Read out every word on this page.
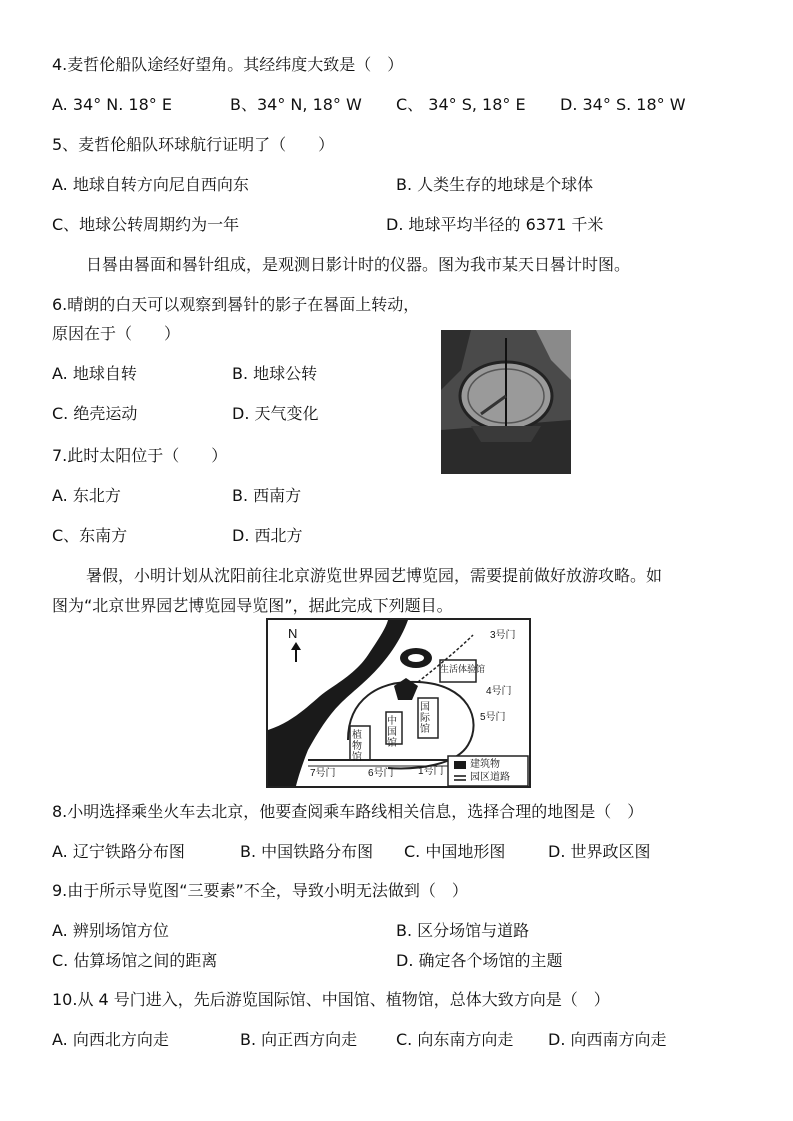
4.麦哲伦船队途经好望角。其经纬度大致是（　）
A. 34° N. 18° E	B、34° N, 18° W C、 34° S, 18° E D. 34° S. 18° W
5、麦哲伦船队环球航行证明了（　　）
A. 地球自转方向尼自西向东	B. 人类生存的地球是个球体
C、地球公转周期约为一年	D. 地球平均半径的 6371 千米
日晷由晷面和晷针组成，是观测日影计时的仪器。图为我市某天日晷计时图。
6.晴朗的白天可以观察到晷针的影子在晷面上转动，
原因在于（　　）
A. 地球自转	B. 地球公转
C. 绝壳运动	D. 天气变化
7.此时太阳位于（　　）
A. 东北方	B. 西南方
C、东南方	D. 西北方
暑假，小明计划从沈阳前往北京游览世界园艺博览园，需要提前做好放游攻略。如
图为“北京世界园艺博览园导览图”，据此完成下列题目。
N	3号门
4号门
5号门
1号门
6号门
7号门
生活体验馆
中国馆
国际馆
植物馆
建筑物
园区道路
8.小明选择乘坐火车去北京，他要查阅乘车路线相关信息，选择合理的地图是（　）
A. 辽宁铁路分布图	B. 中国铁路分布图 C. 中国地形图	D. 世界政区图
9.由于所示导览图“三要素”不全，导致小明无法做到（　）
A. 辨别场馆方位	B. 区分场馆与道路
C. 估算场馆之间的距离	D. 确定各个场馆的主题
10.从 4 号门进入，先后游览国际馆、中国馆、植物馆，总体大致方向是（　）
A. 向西北方向走	B. 向正西方向走 C. 向东南方向走 D. 向西南方向走
